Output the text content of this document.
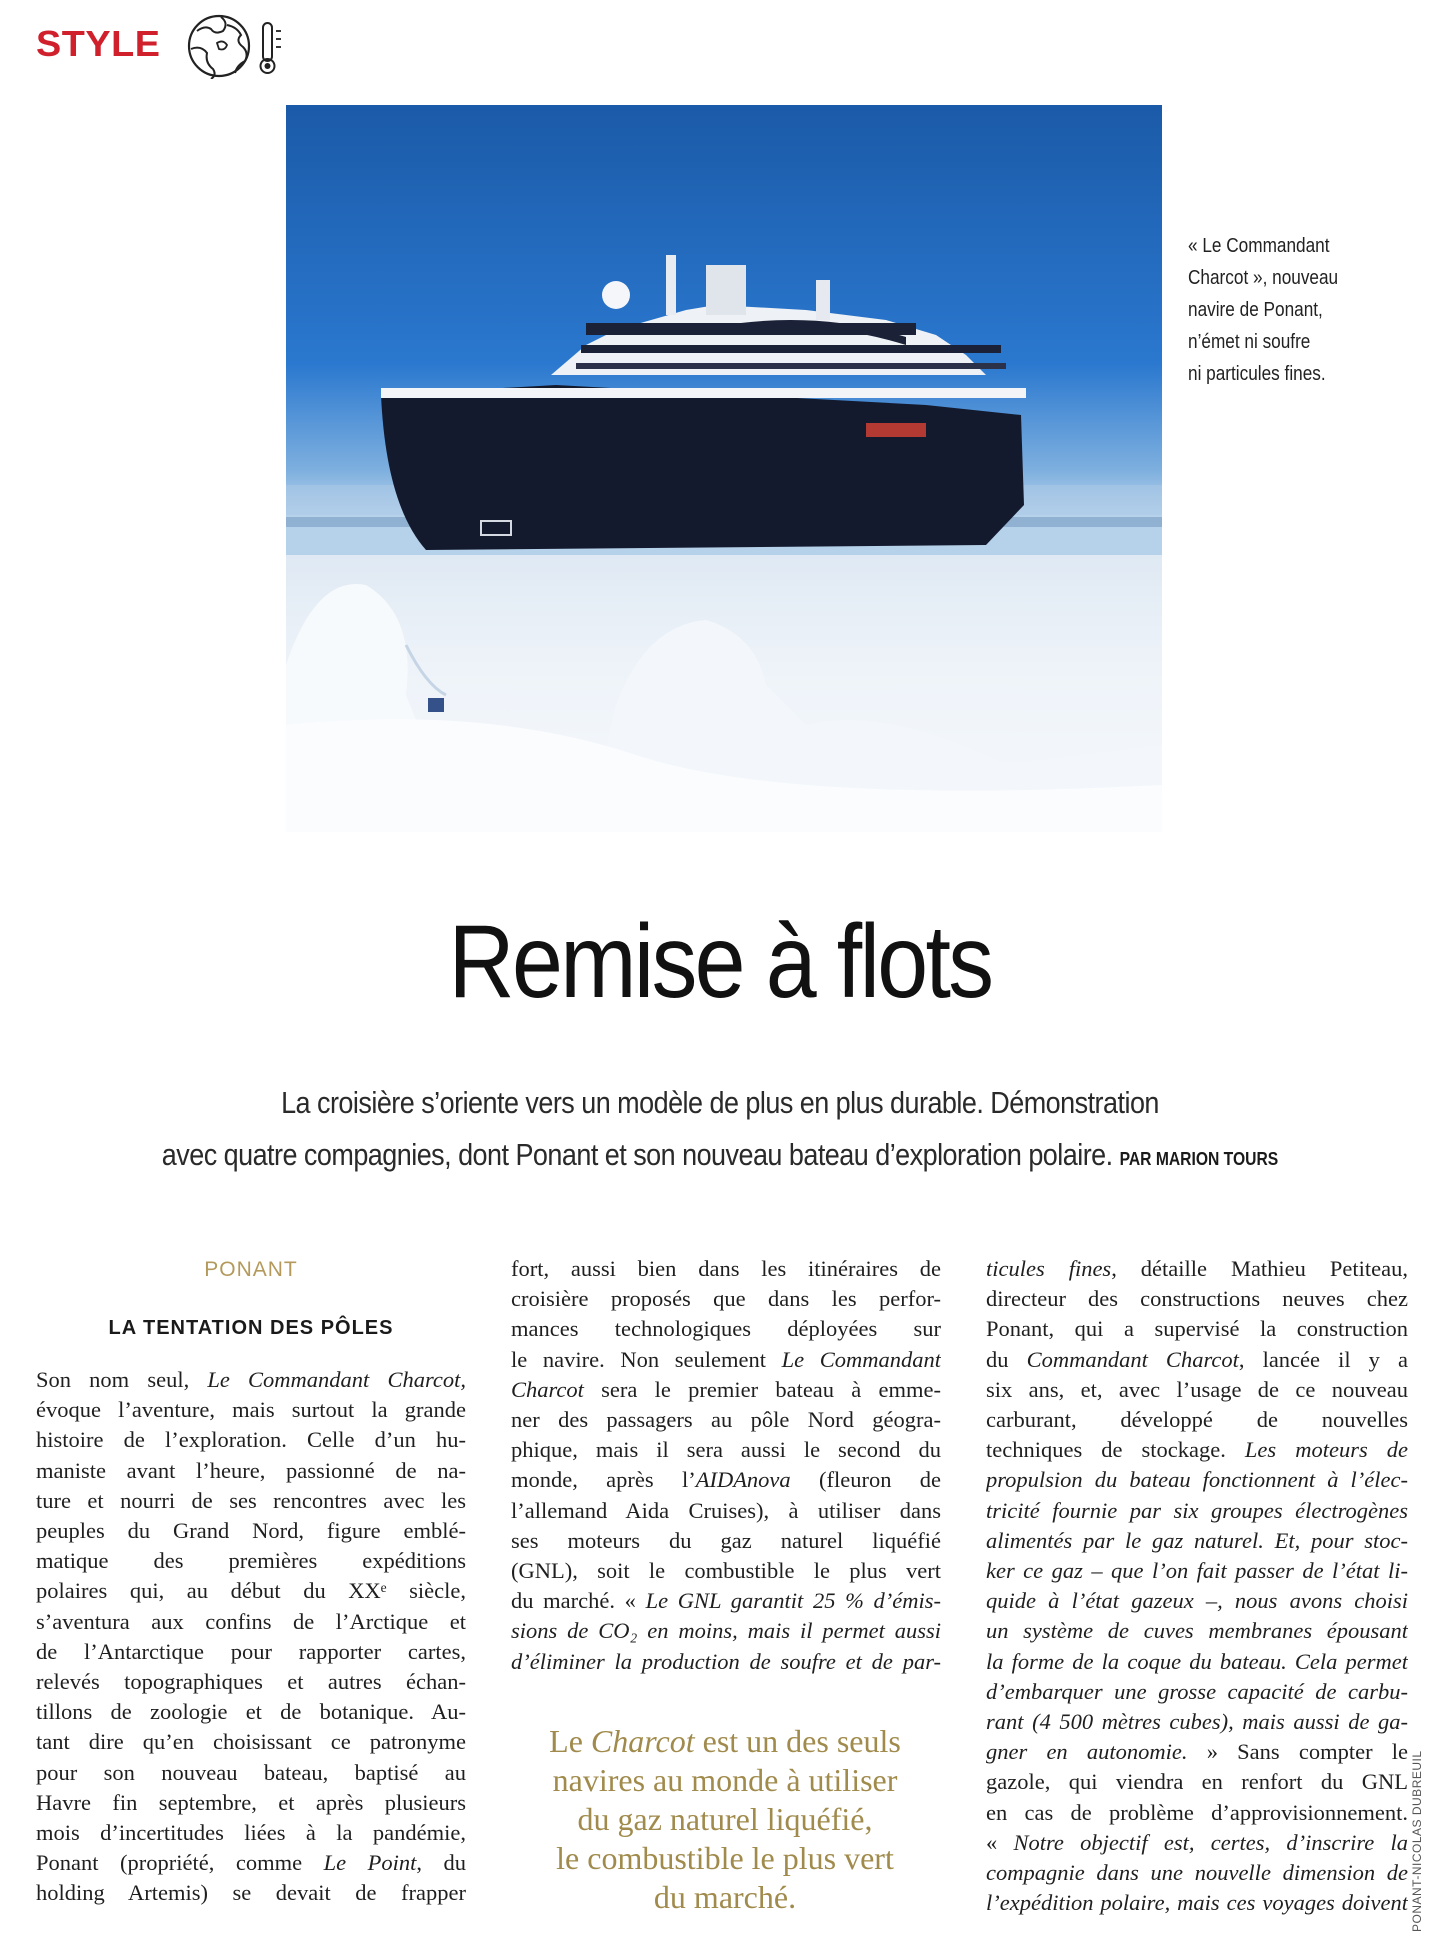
STYLE
« Le Commandant
Charcot », nouveau
navire de Ponant,
n’émet ni soufre
ni particules fines.
Remise à flots
La croisière s’oriente vers un modèle de plus en plus durable. Démonstration
avec quatre compagnies, dont Ponant et son nouveau bateau d’exploration polaire. PAR MARION TOURS
PONANT
LA TENTATION DES PÔLES
Son nom seul, Le Commandant Charcot,
évoque l’aventure, mais surtout la grande
histoire de l’exploration. Celle d’un hu-
maniste avant l’heure, passionné de na-
ture et nourri de ses rencontres avec les
peuples du Grand Nord, figure emblé-
matique des premières expéditions
polaires qui, au début du XXᵉ siècle,
s’aventura aux confins de l’Arctique et
de l’Antarctique pour rapporter cartes,
relevés topographiques et autres échan-
tillons de zoologie et de botanique. Au-
tant dire qu’en choisissant ce patronyme
pour son nouveau bateau, baptisé au
Havre fin septembre, et après plusieurs
mois d’incertitudes liées à la pandémie,
Ponant (propriété, comme Le Point, du
holding Artemis) se devait de frapper
fort, aussi bien dans les itinéraires de
croisière proposés que dans les perfor-
mances technologiques déployées sur
le navire. Non seulement Le Commandant
Charcot sera le premier bateau à emme-
ner des passagers au pôle Nord géogra-
phique, mais il sera aussi le second du
monde, après l’AIDAnova (fleuron de
l’allemand Aida Cruises), à utiliser dans
ses moteurs du gaz naturel liquéfié
(GNL), soit le combustible le plus vert
du marché. « Le GNL garantit 25 % d’émis-
sions de CO₂ en moins, mais il permet aussi
d’éliminer la production de soufre et de par-
Le Charcot est un des seuls
navires au monde à utiliser
du gaz naturel liquéfié,
le combustible le plus vert
du marché.
ticules fines, détaille Mathieu Petiteau,
directeur des constructions neuves chez
Ponant, qui a supervisé la construction
du Commandant Charcot, lancée il y a
six ans, et, avec l’usage de ce nouveau
carburant, développé de nouvelles
techniques de stockage. Les moteurs de
propulsion du bateau fonctionnent à l’élec-
tricité fournie par six groupes électrogènes
alimentés par le gaz naturel. Et, pour stoc-
ker ce gaz – que l’on fait passer de l’état li-
quide à l’état gazeux –, nous avons choisi
un système de cuves membranes épousant
la forme de la coque du bateau. Cela permet
d’embarquer une grosse capacité de carbu-
rant (4 500 mètres cubes), mais aussi de ga-
gner en autonomie. » Sans compter le
gazole, qui viendra en renfort du GNL
en cas de problème d’approvisionnement.
« Notre objectif est, certes, d’inscrire la
compagnie dans une nouvelle dimension de
l’expédition polaire, mais ces voyages doivent PONANT-NICOLAS DUBREUIL
